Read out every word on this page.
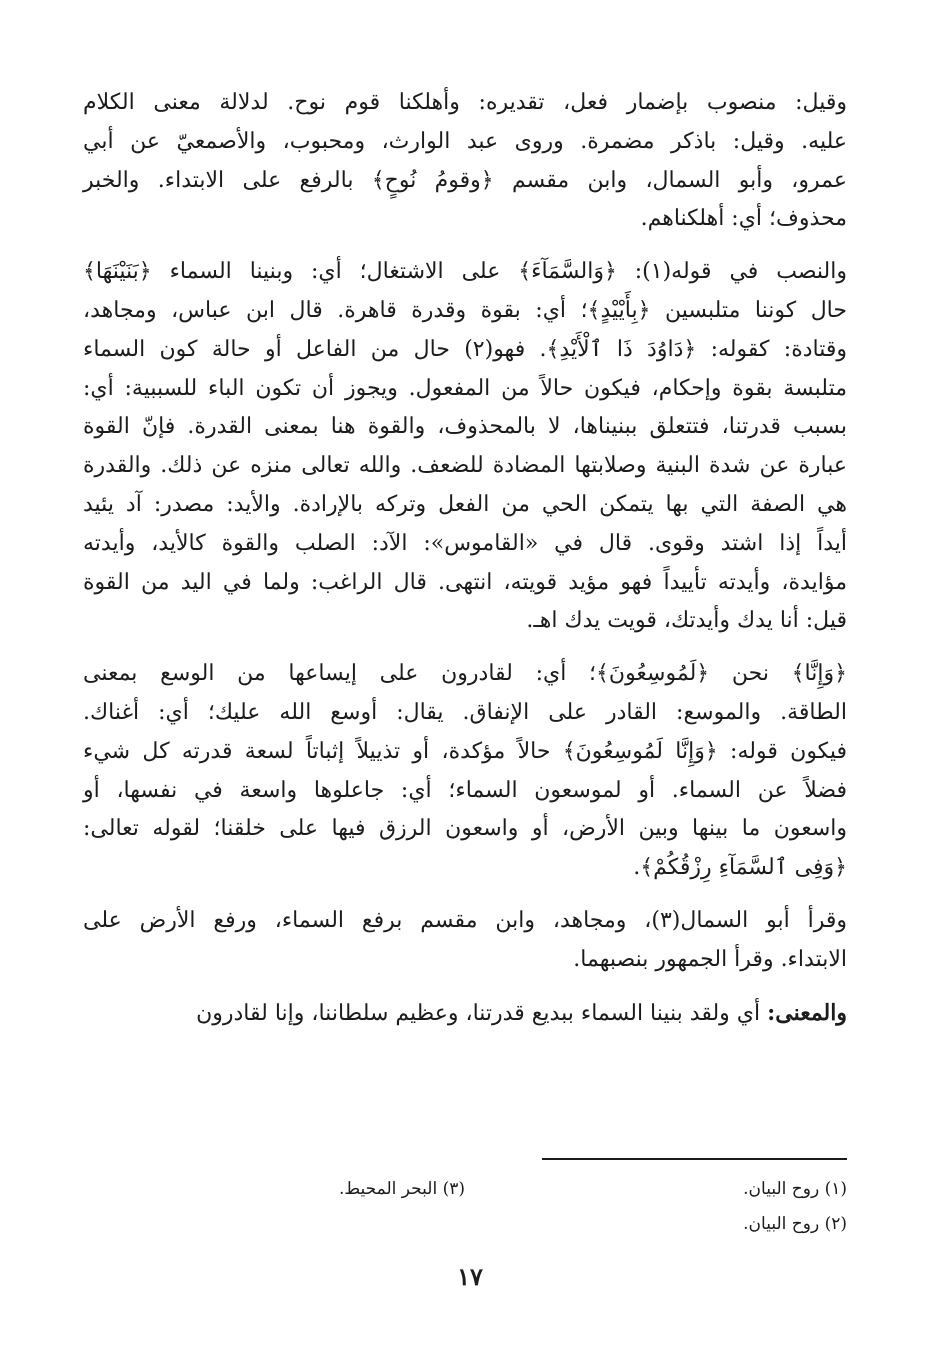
وقيل: منصوب بإضمار فعل، تقديره: وأهلكنا قوم نوح. لدلالة معنى الكلام
عليه. وقيل: باذكر مضمرة. وروى عبد الوارث، ومحبوب، والأصمعيّ عن أبي
عمرو، وأبو السمال، وابن مقسم ﴿وقومُ نُوحٍ﴾ بالرفع على الابتداء. والخبر
محذوف؛ أي: أهلكناهم.

والنصب في قوله(١): ﴿وَالسَّمَآءَ﴾ على الاشتغال؛ أي: وبنينا السماء ﴿بَنَيْنَهَا﴾
حال كوننا متلبسين ﴿بِأَيْيْدٍ﴾؛ أي: بقوة وقدرة قاهرة. قال ابن عباس، ومجاهد،
وقتادة: كقوله: ﴿دَاوُدَ ذَا ٱلْأَيْدِ﴾. فهو(٢) حال من الفاعل أو حالة كون السماء
متلبسة بقوة وإحكام، فيكون حالاً من المفعول. ويجوز أن تكون الباء للسببية: أي:
بسبب قدرتنا، فتتعلق ببنيناها، لا بالمحذوف، والقوة هنا بمعنى القدرة. فإنّ القوة
عبارة عن شدة البنية وصلابتها المضادة للضعف. والله تعالى منزه عن ذلك. والقدرة
هي الصفة التي بها يتمكن الحي من الفعل وتركه بالإرادة. والأيد: مصدر: آد يئيد
أيداً إذا اشتد وقوى. قال في «القاموس»: الآد: الصلب والقوة كالأيد، وأيدته
مؤايدة، وأيدته تأييداً فهو مؤيد قويته، انتهى. قال الراغب: ولما في اليد من القوة
قيل: أنا يدك وأيدتك، قويت يدك اهـ.

﴿وَإِنَّا﴾ نحن ﴿لَمُوسِعُونَ﴾؛ أي: لقادرون على إيساعها من الوسع بمعنى
الطاقة. والموسع: القادر على الإنفاق. يقال: أوسع الله عليك؛ أي: أغناك.
فيكون قوله: ﴿وَإِنَّا لَمُوسِعُونَ﴾ حالاً مؤكدة، أو تذييلاً إثباتاً لسعة قدرته كل شيء
فضلاً عن السماء. أو لموسعون السماء؛ أي: جاعلوها واسعة في نفسها، أو
واسعون ما بينها وبين الأرض، أو واسعون الرزق فيها على خلقنا؛ لقوله تعالى:
﴿وَفِى ٱلسَّمَآءِ رِزْقُكُمْ﴾.

وقرأ أبو السمال(٣)، ومجاهد، وابن مقسم برفع السماء، ورفع الأرض على
الابتداء. وقرأ الجمهور بنصبهما.

والمعنى: أي ولقد بنينا السماء ببديع قدرتنا، وعظيم سلطاننا، وإنا لقادرون

(١) روح البيان.
(٣) البحر المحيط.
(٢) روح البيان.
١٧
